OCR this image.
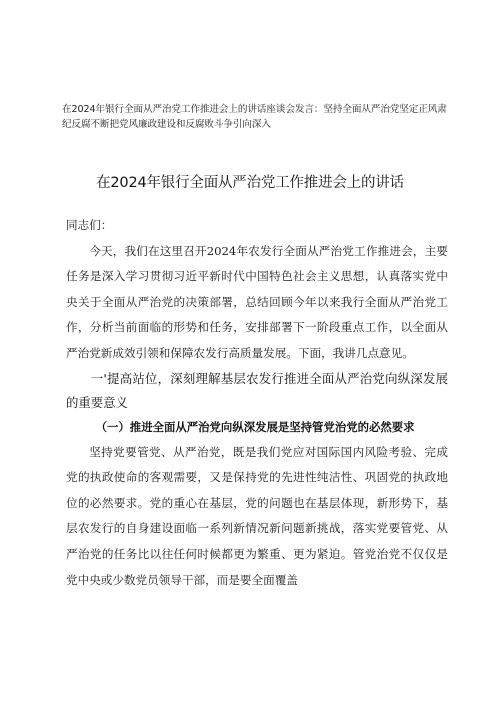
在2024年银行全面从严治党工作推进会上的讲话座谈会发言：坚持全面从严治党坚定正风肃纪反腐不断把党风廉政建设和反腐败斗争引向深入
在2024年银行全面从严治党工作推进会上的讲话

同志们：

今天，我们在这里召开2024年农发行全面从严治党工作推进会，主要任务是深入学习贯彻习近平新时代中国特色社会主义思想，认真落实党中央关于全面从严治党的决策部署，总结回顾今年以来我行全面从严治党工作，分析当前面临的形势和任务，安排部署下一阶段重点工作，以全面从严治党新成效引领和保障农发行高质量发展。下面，我讲几点意见。

一'提高站位，深刻理解基层农发行推进全面从严治党向纵深发展的重要意义

（一）推进全面从严治党向纵深发展是坚持管党治党的必然要求

坚持党要管党、从严治党，既是我们党应对国际国内风险考验、完成党的执政使命的客观需要，又是保持党的先进性纯洁性、巩固党的执政地位的必然要求。党的重心在基层，党的问题也在基层体现，新形势下，基层农发行的自身建设面临一系列新情况新问题新挑战，落实党要管党、从严治党的任务比以往任何时候都更为繁重、更为紧迫。管党治党不仅仅是党中央或少数党员领导干部，而是要全面覆盖
